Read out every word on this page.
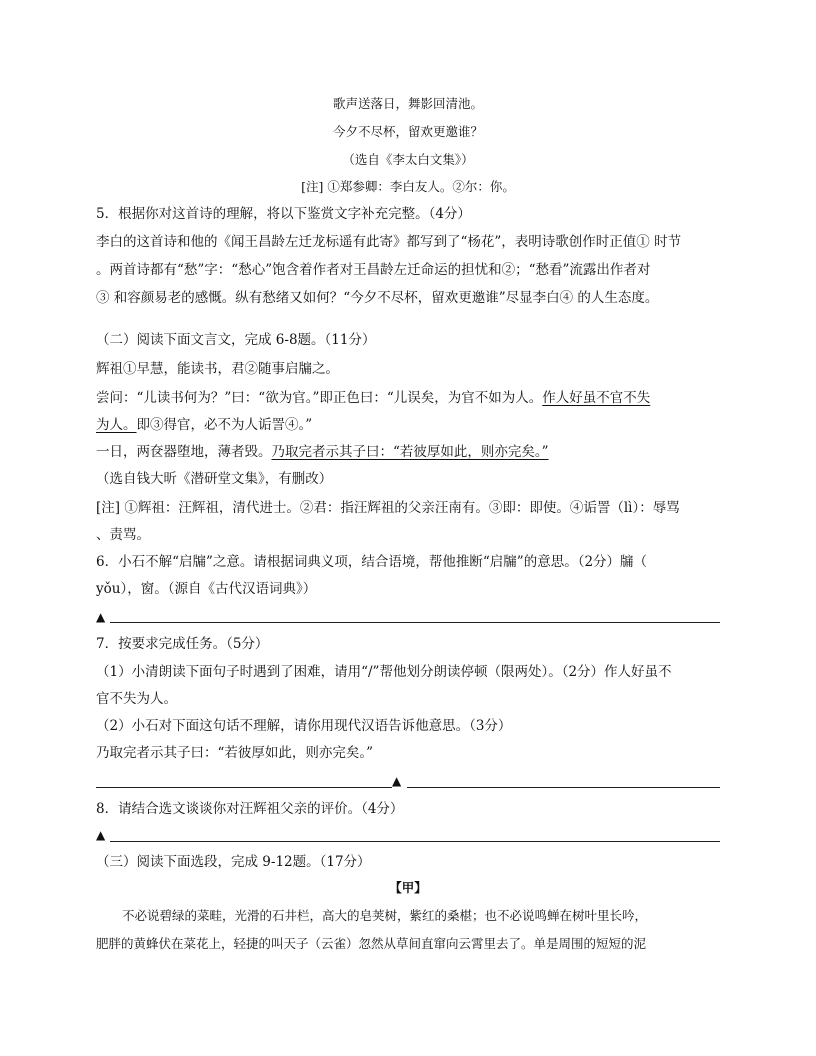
歌声送落日，舞影回清池。
今夕不尽杯，留欢更邀谁？
（选自《李太白文集》）
[注] ①郑参卿：李白友人。②尔：你。
5．根据你对这首诗的理解，将以下鉴赏文字补充完整。（4分）
李白的这首诗和他的《闻王昌龄左迁龙标遥有此寄》都写到了“杨花”，表明诗歌创作时正值① 时节
。两首诗都有“愁”字：“愁心”饱含着作者对王昌龄左迁命运的担忧和②；“愁看”流露出作者对
③ 和容颜易老的感慨。纵有愁绪又如何？“今夕不尽杯，留欢更邀谁”尽显李白④ 的人生态度。
（二）阅读下面文言文，完成 6-8题。（11分）
辉祖①早慧，能读书，君②随事启牖之。
尝问：“儿读书何为？”曰：“欲为官。”即正色曰：“儿误矣，为官不如为人。作人好虽不官不失
为人。即③得官，必不为人诟詈④。”
一日，两奁器堕地，薄者毁。乃取完者示其子曰：“若彼厚如此，则亦完矣。”
（选自钱大昕《潜研堂文集》，有删改）
[注] ①辉祖：汪辉祖，清代进士。②君：指汪辉祖的父亲汪南有。③即：即使。④诟詈（lì）：辱骂
、责骂。
6．小石不解“启牖”之意。请根据词典义项，结合语境，帮他推断“启牖”的意思。（2分）牖（
yǒu），窗。（源自《古代汉语词典》）
▲
7．按要求完成任务。（5分）
（1）小清朗读下面句子时遇到了困难，请用“/”帮他划分朗读停顿（限两处）。（2分）作人好虽不
官不失为人。
（2）小石对下面这句话不理解，请你用现代汉语告诉他意思。（3分）
乃取完者示其子曰：“若彼厚如此，则亦完矣。”
▲
8．请结合选文谈谈你对汪辉祖父亲的评价。（4分）
▲
（三）阅读下面选段，完成 9-12题。（17分）
【甲】
不必说碧绿的菜畦，光滑的石井栏，高大的皂荚树，紫红的桑椹；也不必说鸣蝉在树叶里长吟，
肥胖的黄蜂伏在菜花上，轻捷的叫天子（云雀）忽然从草间直窜向云霄里去了。单是周围的短短的泥
